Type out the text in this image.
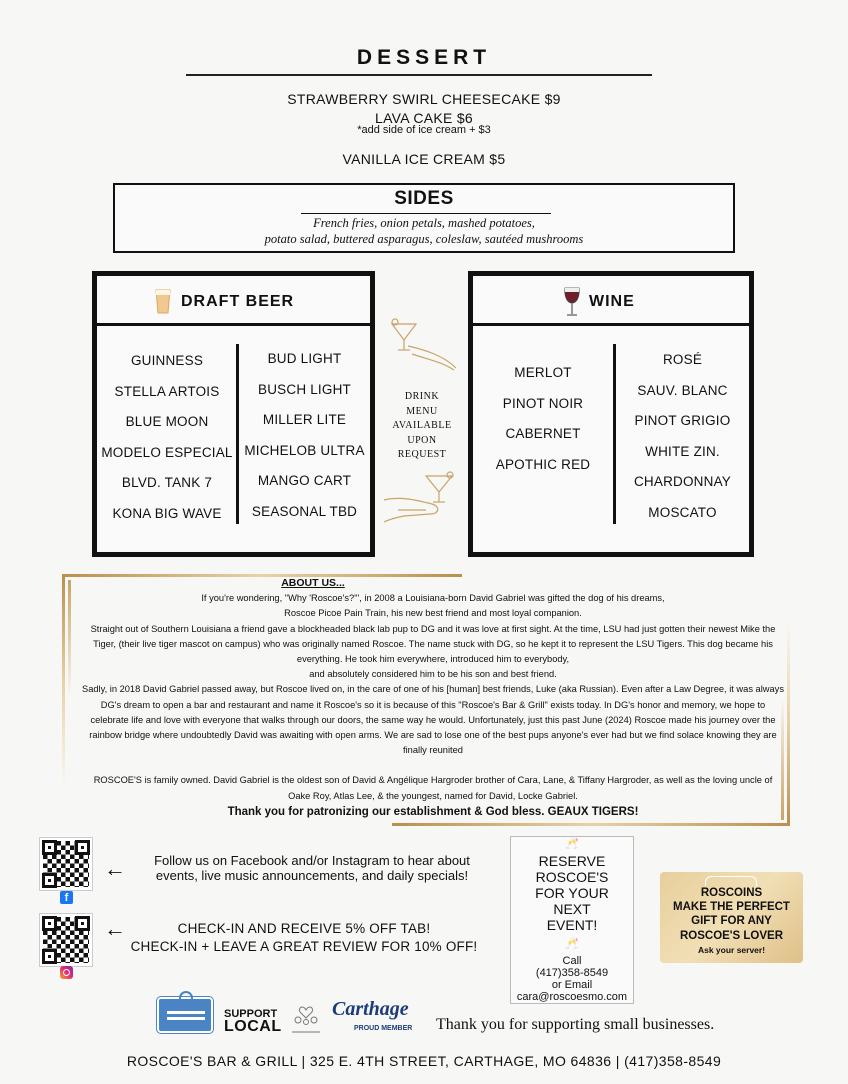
DESSERT
STRAWBERRY SWIRL CHEESECAKE $9
LAVA CAKE $6
*add side of ice cream + $3
VANILLA ICE CREAM $5
SIDES
French fries, onion petals, mashed potatoes,
potato salad, buttered asparagus, coleslaw, sautéed mushrooms
DRAFT BEER
GUINNESS
STELLA ARTOIS
BLUE MOON
MODELO ESPECIAL
BLVD. TANK 7
KONA BIG WAVE
BUD LIGHT
BUSCH LIGHT
MILLER LITE
MICHELOB ULTRA
MANGO CART
SEASONAL TBD
DRINK
MENU
AVAILABLE
UPON
REQUEST
WINE
MERLOT
PINOT NOIR
CABERNET
APOTHIC RED
ROSÉ
SAUV. BLANC
PINOT GRIGIO
WHITE ZIN.
CHARDONNAY
MOSCATO
ABOUT US...
If you're wondering, "Why 'Roscoe's?'", in 2008 a Louisiana-born David Gabriel was gifted the dog of his dreams,
Roscoe Picoe Pain Train, his new best friend and most loyal companion.
Straight out of Southern Louisiana a friend gave a blockheaded black lab pup to DG and it was love at first sight. At the time, LSU had just gotten their newest Mike the Tiger, (their live tiger mascot on campus) who was originally named Roscoe. The name stuck with DG, so he kept it to represent the LSU Tigers. This dog became his everything. He took him everywhere, introduced him to everybody,
and absolutely considered him to be his son and best friend.
Sadly, in 2018 David Gabriel passed away, but Roscoe lived on, in the care of one of his [human] best friends, Luke (aka Russian). Even after a Law Degree, it was always DG's dream to open a bar and restaurant and name it Roscoe's so it is because of this "Roscoe's Bar & Grill" exists today. In DG's honor and memory, we hope to celebrate life and love with everyone that walks through our doors, the same way he would. Unfortunately, just this past June (2024) Roscoe made his journey over the rainbow bridge where undoubtedly David was awaiting with open arms. We are sad to lose one of the best pups anyone's ever had but we find solace knowing they are finally reunited
ROSCOE'S is family owned. David Gabriel is the oldest son of David & Angélique Hargroder brother of Cara, Lane, & Tiffany Hargroder, as well as the loving uncle of Oake Roy, Atlas Lee, & the youngest, named for David, Locke Gabriel.
Thank you for patronizing our establishment & God bless. GEAUX TIGERS!
f
←	Follow us on Facebook and/or Instagram to hear about
events, live music announcements, and daily specials!
←	CHECK-IN AND RECEIVE 5% OFF TAB!
CHECK-IN + LEAVE A GREAT REVIEW FOR 10% OFF!
🥂
RESERVE
ROSCOE'S
FOR YOUR
NEXT
EVENT!
🥂
Call
(417)358-8549
or Email
cara@roscoesmo.com
ROSCOINS
MAKE THE PERFECT
GIFT FOR ANY
ROSCOE'S LOVER
Ask your server!
SUPPORT
LOCAL
Carthage
PROUD MEMBER Thank you for supporting small businesses.
ROSCOE'S BAR & GRILL | 325 E. 4TH STREET, CARTHAGE, MO 64836 | (417)358-8549
